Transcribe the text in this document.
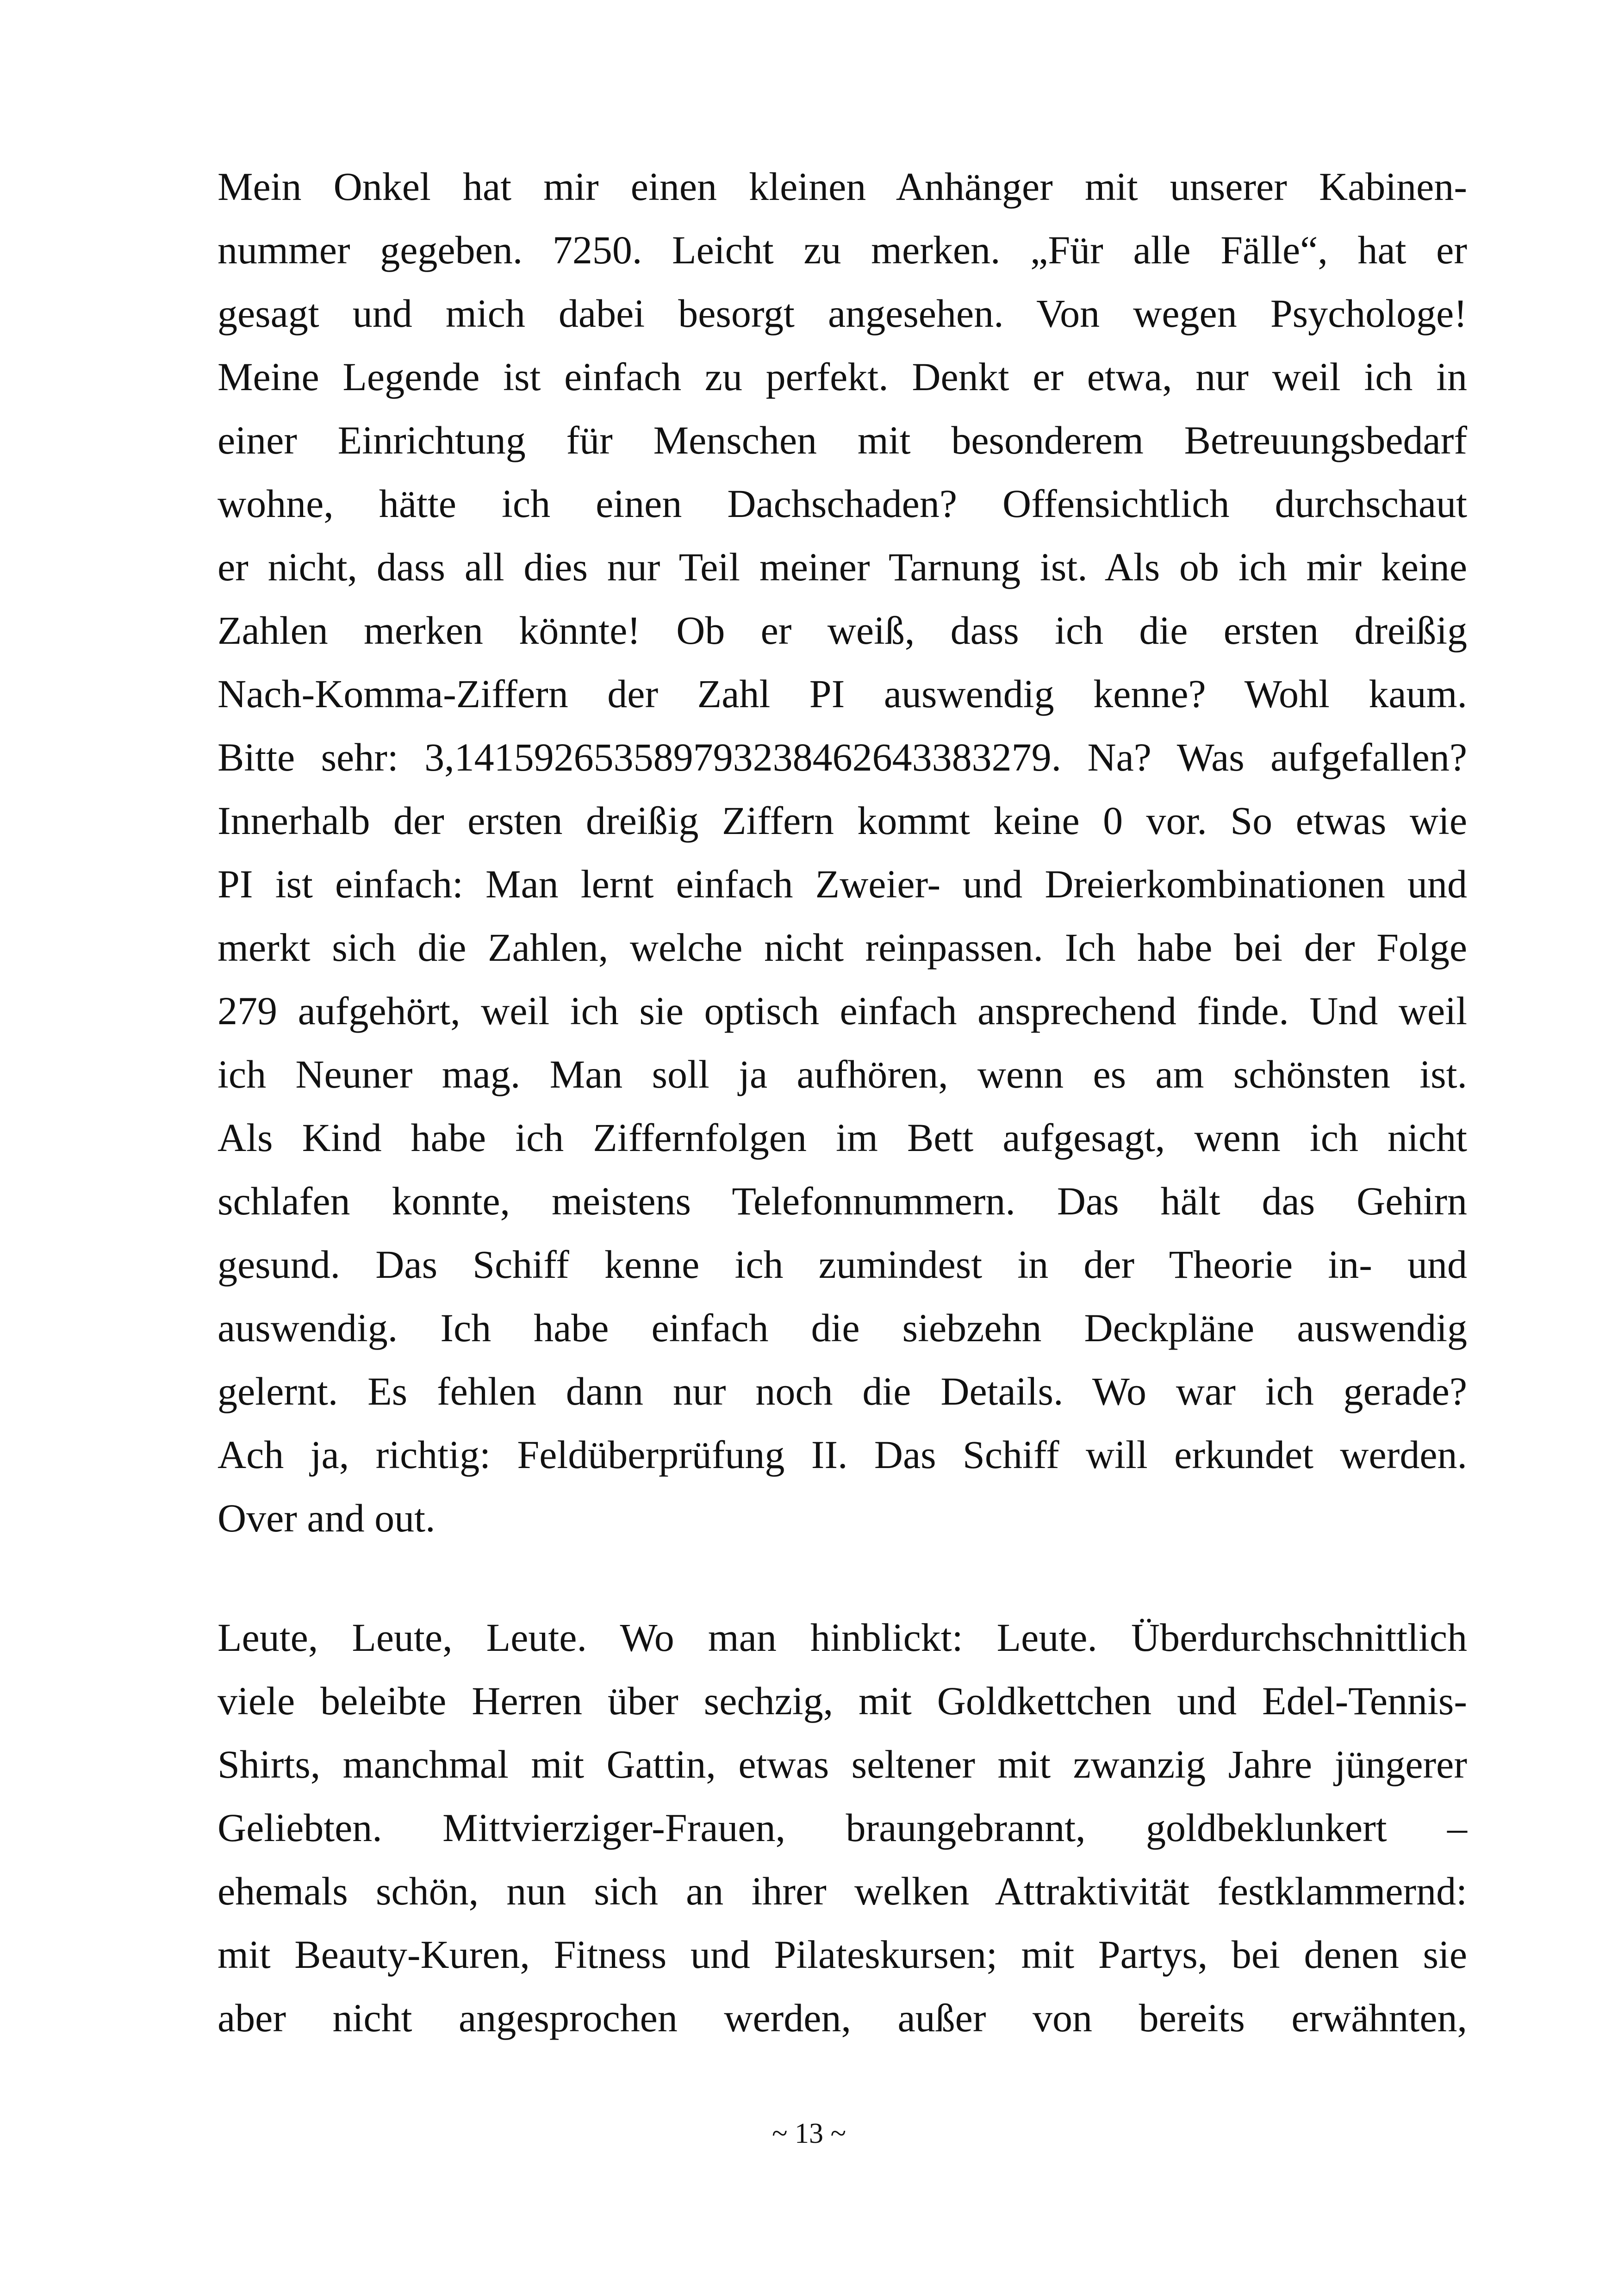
Mein Onkel hat mir einen kleinen Anhänger mit unserer Kabinen-
nummer gegeben. 7250. Leicht zu merken. „Für alle Fälle“, hat er
gesagt und mich dabei besorgt angesehen. Von wegen Psychologe!
Meine Legende ist einfach zu perfekt. Denkt er etwa, nur weil ich in
einer Einrichtung für Menschen mit besonderem Betreuungsbedarf
wohne, hätte ich einen Dachschaden? Offensichtlich durchschaut
er nicht, dass all dies nur Teil meiner Tarnung ist. Als ob ich mir keine
Zahlen merken könnte! Ob er weiß, dass ich die ersten dreißig
Nach-Komma-Ziffern der Zahl PI auswendig kenne? Wohl kaum.
Bitte sehr: 3,141592653589793238462643383279. Na? Was aufgefallen?
Innerhalb der ersten dreißig Ziffern kommt keine 0 vor. So etwas wie
PI ist einfach: Man lernt einfach Zweier- und Dreierkombinationen und
merkt sich die Zahlen, welche nicht reinpassen. Ich habe bei der Folge
279 aufgehört, weil ich sie optisch einfach ansprechend finde. Und weil
ich Neuner mag. Man soll ja aufhören, wenn es am schönsten ist.
Als Kind habe ich Ziffernfolgen im Bett aufgesagt, wenn ich nicht
schlafen konnte, meistens Telefonnummern. Das hält das Gehirn
gesund. Das Schiff kenne ich zumindest in der Theorie in- und
auswendig. Ich habe einfach die siebzehn Deckpläne auswendig
gelernt. Es fehlen dann nur noch die Details. Wo war ich gerade?
Ach ja, richtig: Feldüberprüfung II. Das Schiff will erkundet werden.
Over and out.
Leute, Leute, Leute. Wo man hinblickt: Leute. Überdurchschnittlich
viele beleibte Herren über sechzig, mit Goldkettchen und Edel-Tennis-
Shirts, manchmal mit Gattin, etwas seltener mit zwanzig Jahre jüngerer
Geliebten. Mittvierziger-Frauen, braungebrannt, goldbeklunkert –
ehemals schön, nun sich an ihrer welken Attraktivität festklammernd:
mit Beauty-Kuren, Fitness und Pilateskursen; mit Partys, bei denen sie
aber nicht angesprochen werden, außer von bereits erwähnten,
~ 13 ~
